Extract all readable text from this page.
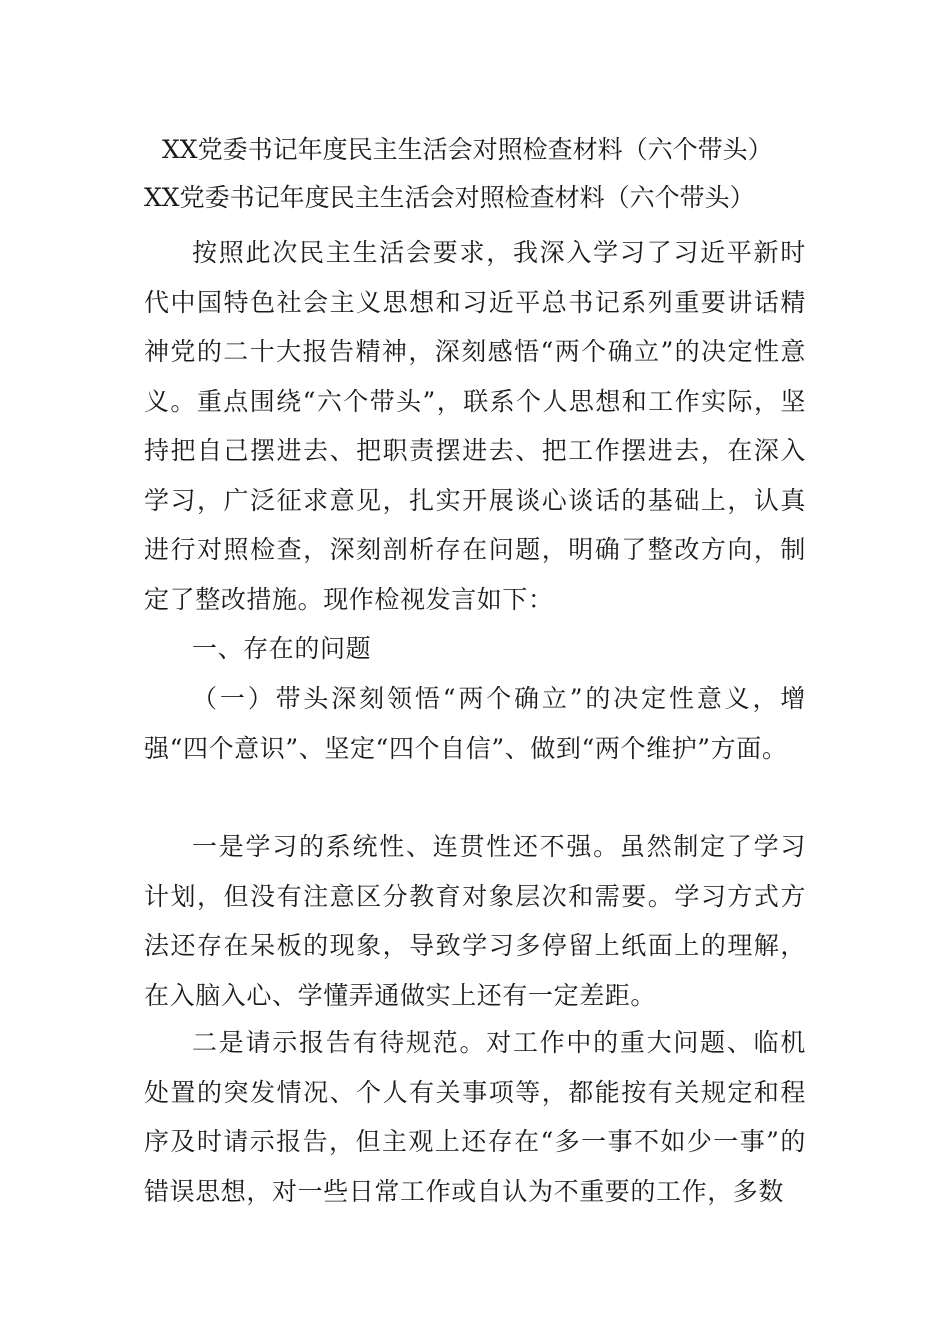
XX党委书记年度民主生活会对照检查材料（六个带头）
XX党委书记年度民主生活会对照检查材料（六个带头）

按照此次民主生活会要求，我深入学习了习近平新时代中国特色社会主义思想和习近平总书记系列重要讲话精神党的二十大报告精神，深刻感悟“两个确立”的决定性意义。重点围绕“六个带头”，联系个人思想和工作实际，坚持把自己摆进去、把职责摆进去、把工作摆进去，在深入学习，广泛征求意见，扎实开展谈心谈话的基础上，认真进行对照检查，深刻剖析存在问题，明确了整改方向，制定了整改措施。现作检视发言如下：

一、存在的问题

（一）带头深刻领悟“两个确立”的决定性意义，增强“四个意识”、坚定“四个自信”、做到“两个维护”方面。

一是学习的系统性、连贯性还不强。虽然制定了学习计划，但没有注意区分教育对象层次和需要。学习方式方法还存在呆板的现象，导致学习多停留上纸面上的理解，在入脑入心、学懂弄通做实上还有一定差距。

二是请示报告有待规范。对工作中的重大问题、临机处置的突发情况、个人有关事项等，都能按有关规定和程序及时请示报告，但主观上还存在“多一事不如少一事”的错误思想，对一些日常工作或自认为不重要的工作，多数
